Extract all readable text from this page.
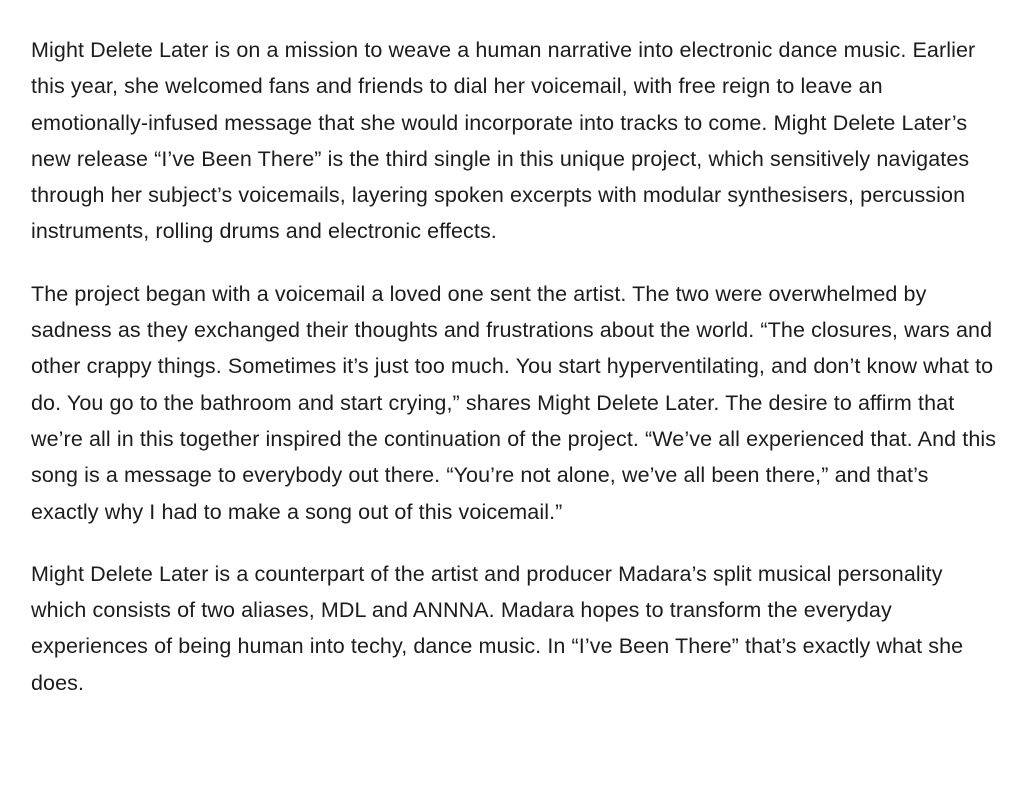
Might Delete Later is on a mission to weave a human narrative into electronic dance music. Earlier this year, she welcomed fans and friends to dial her voicemail, with free reign to leave an emotionally-infused message that she would incorporate into tracks to come. Might Delete Later’s new release “I’ve Been There” is the third single in this unique project, which sensitively navigates through her subject’s voicemails, layering spoken excerpts with modular synthesisers, percussion instruments, rolling drums and electronic effects.

The project began with a voicemail a loved one sent the artist. The two were overwhelmed by sadness as they exchanged their thoughts and frustrations about the world. “The closures, wars and other crappy things. Sometimes it’s just too much. You start hyperventilating, and don’t know what to do. You go to the bathroom and start crying,” shares Might Delete Later. The desire to affirm that we’re all in this together inspired the continuation of the project. “We’ve all experienced that. And this song is a message to everybody out there. “You’re not alone, we’ve all been there,” and that’s exactly why I had to make a song out of this voicemail.”

Might Delete Later is a counterpart of the artist and producer Madara’s split musical personality which consists of two aliases, MDL and ANNNA. Madara hopes to transform the everyday experiences of being human into techy, dance music. In “I’ve Been There” that’s exactly what she does.
